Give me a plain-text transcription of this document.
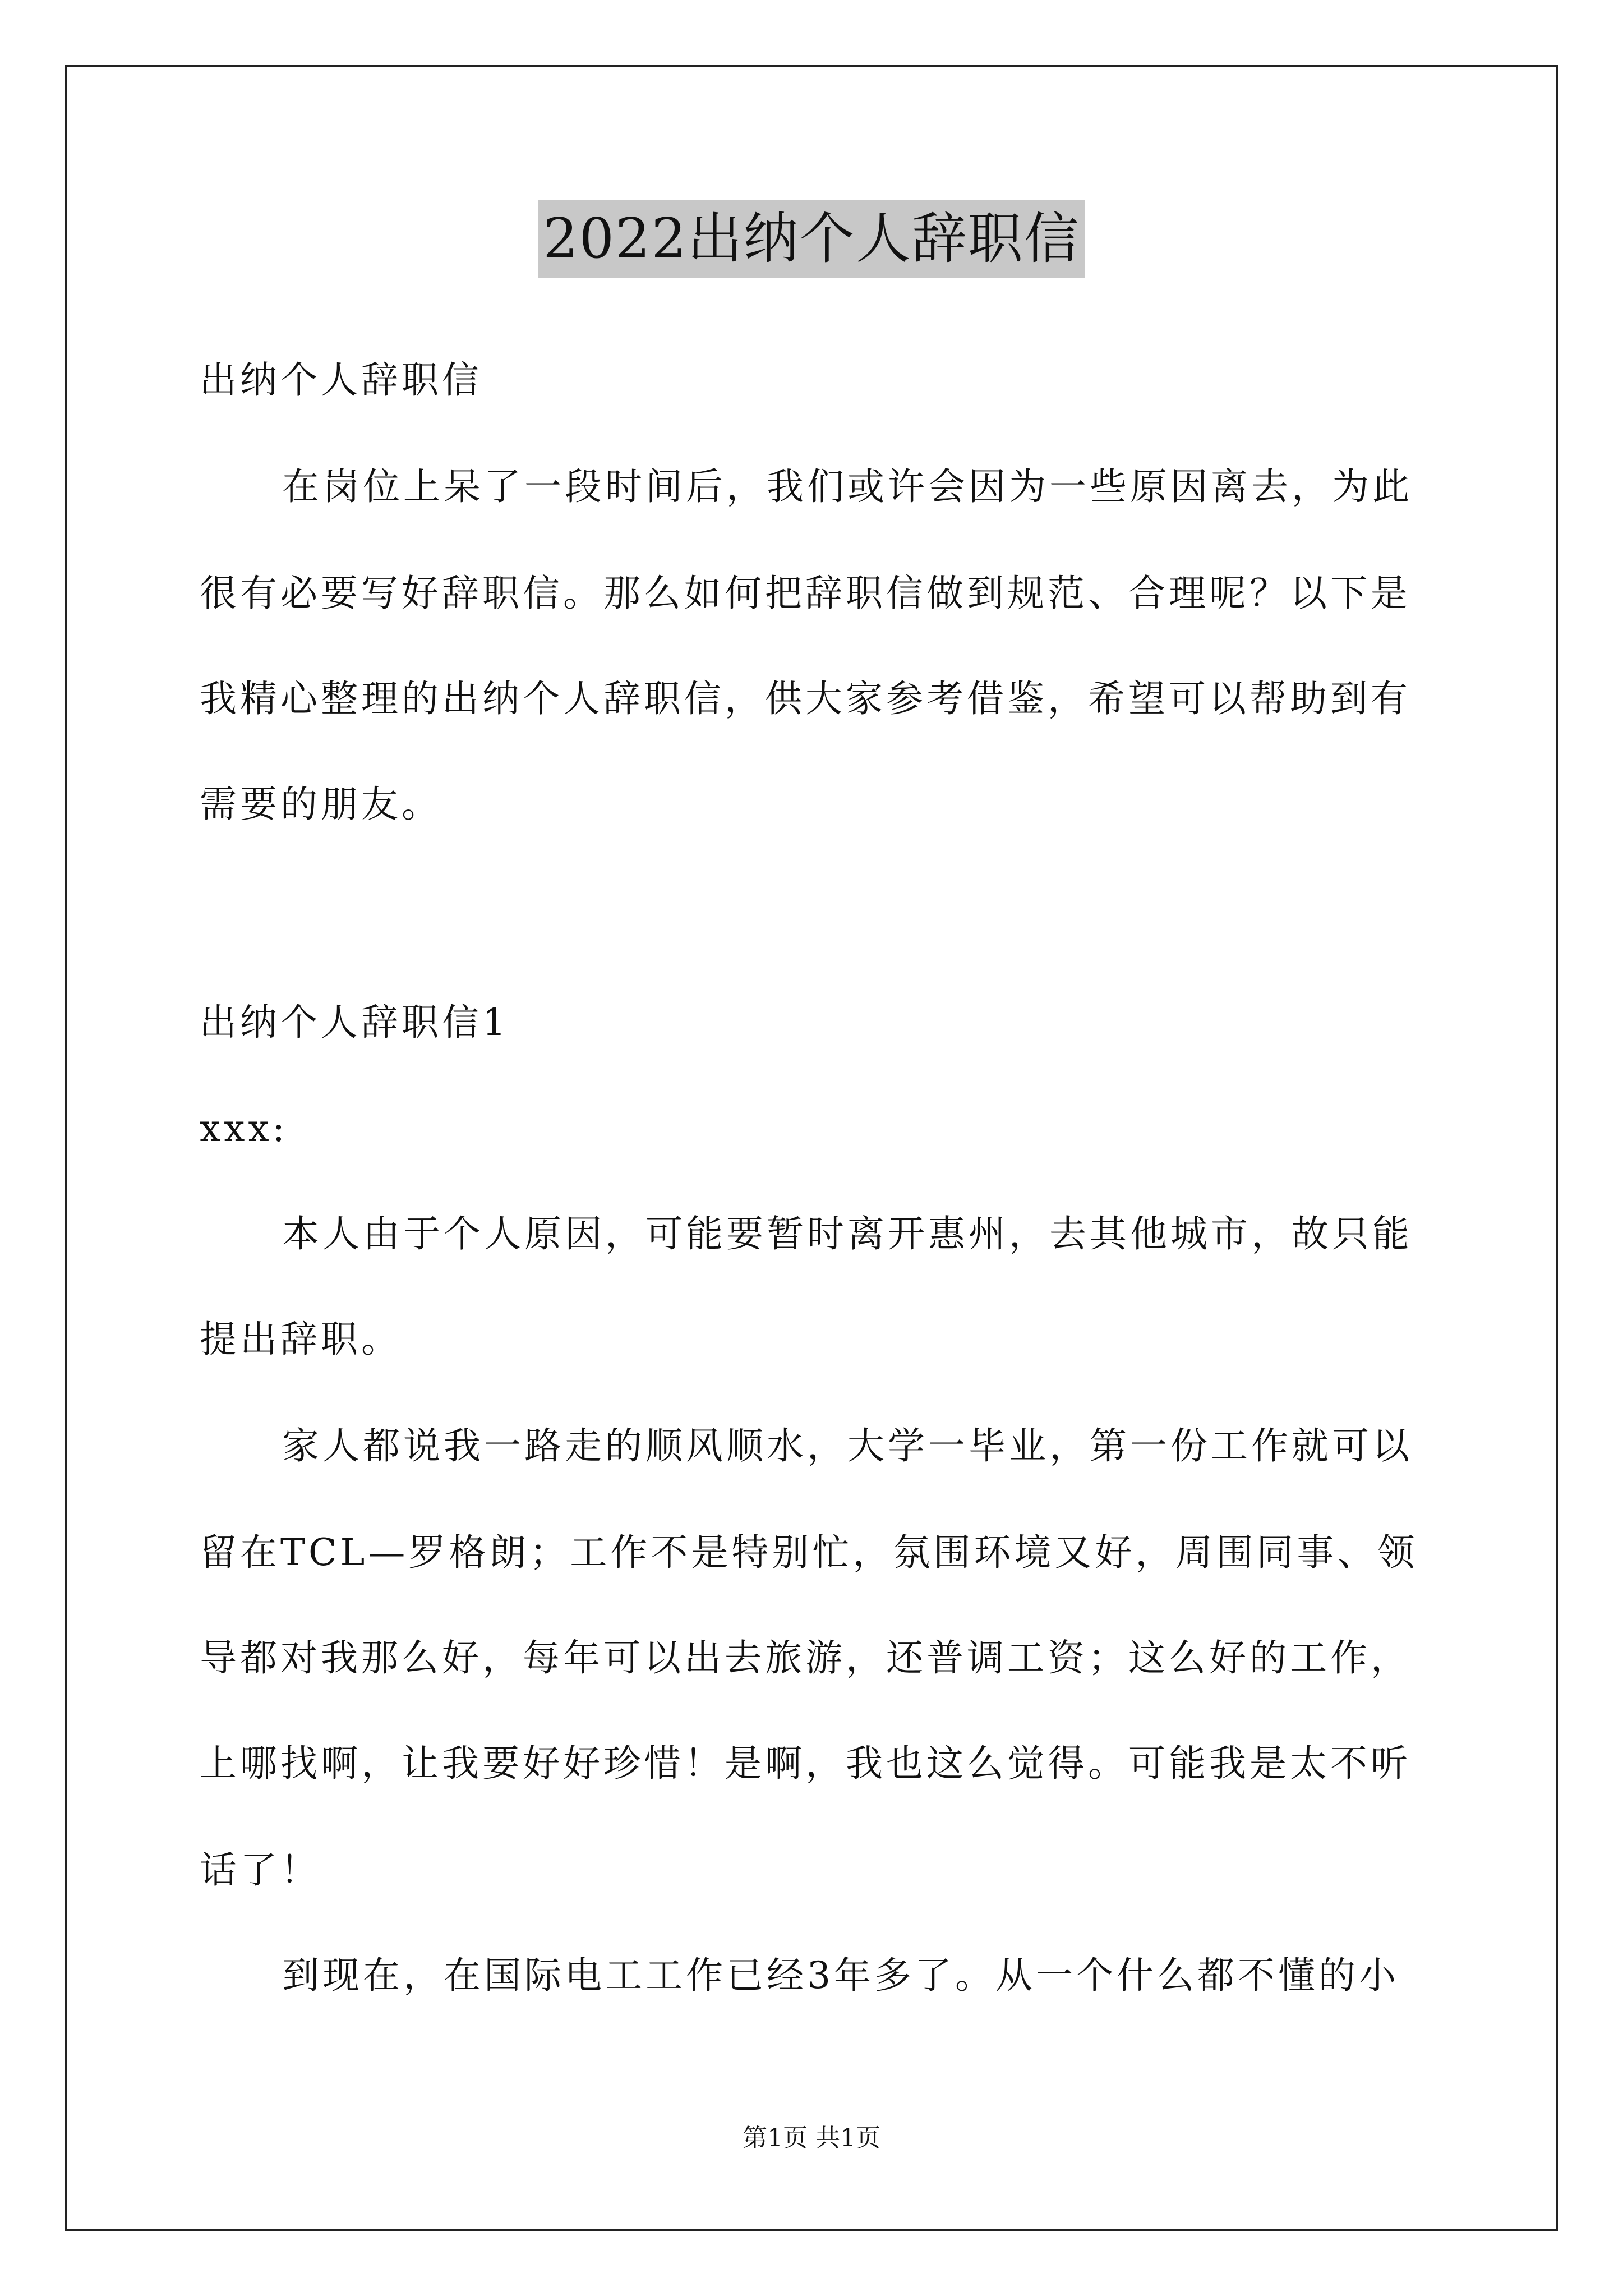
2022出纳个人辞职信
出纳个人辞职信
在岗位上呆了一段时间后，我们或许会因为一些原因离去，为此
很有必要写好辞职信。那么如何把辞职信做到规范、合理呢？以下是
我精心整理的出纳个人辞职信，供大家参考借鉴，希望可以帮助到有
需要的朋友。
出纳个人辞职信1
xxx:
本人由于个人原因，可能要暂时离开惠州，去其他城市，故只能
提出辞职。
家人都说我一路走的顺风顺水，大学一毕业，第一份工作就可以
留在TCL—罗格朗；工作不是特别忙，氛围环境又好，周围同事、领
导都对我那么好，每年可以出去旅游，还普调工资；这么好的工作，
上哪找啊，让我要好好珍惜！是啊，我也这么觉得。可能我是太不听
话了！
到现在，在国际电工工作已经3年多了。从一个什么都不懂的小
第1页 共1页
